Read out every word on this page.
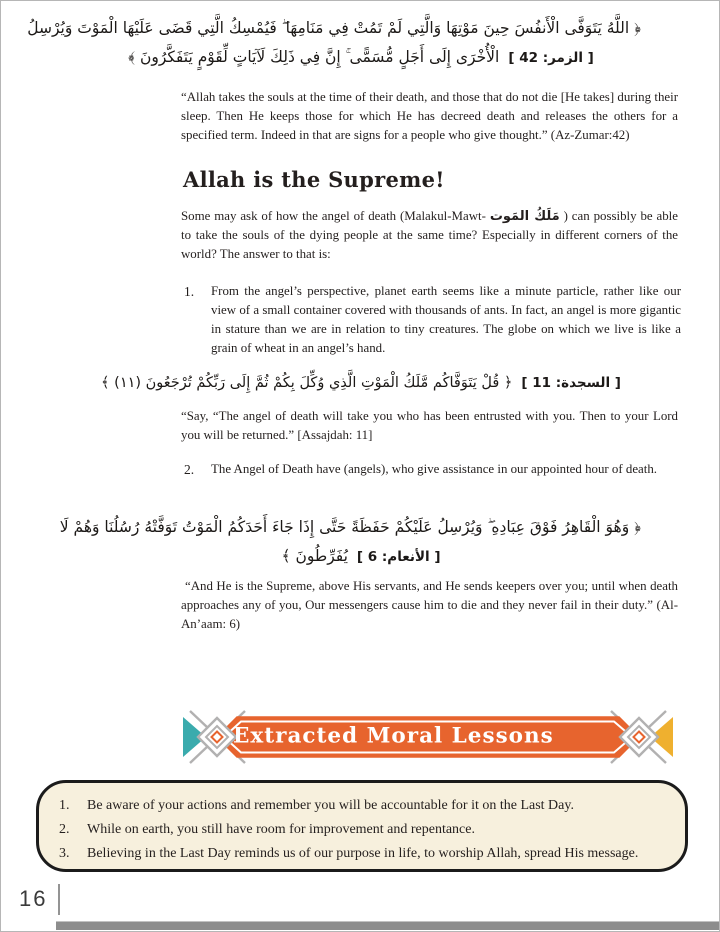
﴿ اللَّهُ يَتَوَفَّى الْأَنفُسَ حِينَ مَوْتِهَا وَالَّتِي لَمْ تَمُتْ فِي مَنَامِهَا ۖ فَيُمْسِكُ الَّتِي قَضَى عَلَيْهَا الْمَوْتَ وَيُرْسِلُ
الْأُخْرَى إِلَى أَجَلٍ مُّسَمًّى ۚ إِنَّ فِي ذَلِكَ لَآيَاتٍ لِّقَوْمٍ يَتَفَكَّرُونَ ﴾ [ الزمر: 42 ]
“Allah takes the souls at the time of their death, and those that do not die [He takes] during their sleep. Then He keeps those for which He has decreed death and releases the others for a specified term. Indeed in that are signs for a people who give thought.” (Az-Zumar:42)
Allah is the Supreme!
Some may ask of how the angel of death (Malakul-Mawt- مَلَكُ المَوت ) can possibly be able to take the souls of the dying people at the same time? Especially in different corners of the world? The answer to that is:
1.	From the angel’s perspective, planet earth seems like a minute particle, rather like our view of a small container covered with thousands of ants. In fact, an angel is more gigantic in stature than we are in relation to tiny creatures. The globe on which we live is like a grain of wheat in an angel’s hand.
﴿ قُلْ يَتَوَفَّاكُم مَّلَكُ الْمَوْتِ الَّذِي وُكِّلَ بِكُمْ ثُمَّ إِلَى رَبِّكُمْ تُرْجَعُونَ (١١) ﴾ [ السجدة: 11 ]
“Say, “The angel of death will take you who has been entrusted with you. Then to your Lord you will be returned.” [Assajdah: 11]
2.	The Angel of Death have (angels), who give assistance in our appointed hour of death.
﴿ وَهُوَ الْقَاهِرُ فَوْقَ عِبَادِهِ ۖ وَيُرْسِلُ عَلَيْكُمْ حَفَظَةً حَتَّى إِذَا جَاءَ أَحَدَكُمُ الْمَوْتُ تَوَفَّتْهُ رُسُلُنَا وَهُمْ لَا
يُفَرِّطُونَ ﴾ [ الأنعام: 6 ]
“And He is the Supreme, above His servants, and He sends keepers over you; until when death approaches any of you, Our messengers cause him to die and they never fail in their duty.” (Al-An’aam: 6)
Extracted Moral Lessons
1.	Be aware of your actions and remember you will be accountable for it on the Last Day.
2.	While on earth, you still have room for improvement and repentance.
3.	Believing in the Last Day reminds us of our purpose in life, to worship Allah, spread His message.
16
